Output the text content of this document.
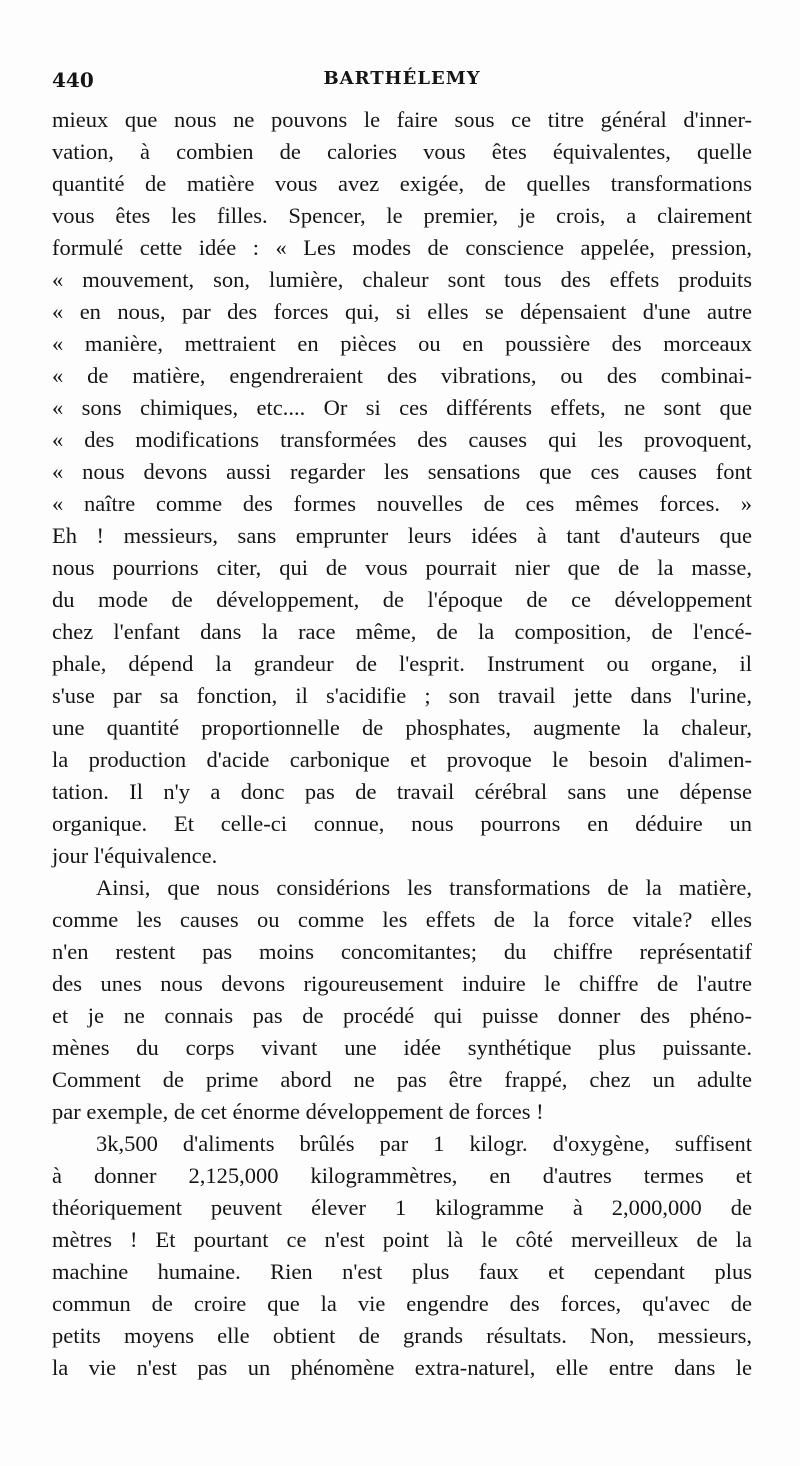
440	BARTHÉLEMY
mieux que nous ne pouvons le faire sous ce titre général d'inner-
vation, à combien de calories vous êtes équivalentes, quelle
quantité de matière vous avez exigée, de quelles transformations
vous êtes les filles. Spencer, le premier, je crois, a clairement
formulé cette idée : « Les modes de conscience appelée, pression,
« mouvement, son, lumière, chaleur sont tous des effets produits
« en nous, par des forces qui, si elles se dépensaient d'une autre
« manière, mettraient en pièces ou en poussière des morceaux
« de matière, engendreraient des vibrations, ou des combinai-
« sons chimiques, etc.... Or si ces différents effets, ne sont que
« des modifications transformées des causes qui les provoquent,
« nous devons aussi regarder les sensations que ces causes font
« naître comme des formes nouvelles de ces mêmes forces. »
Eh ! messieurs, sans emprunter leurs idées à tant d'auteurs que
nous pourrions citer, qui de vous pourrait nier que de la masse,
du mode de développement, de l'époque de ce développement
chez l'enfant dans la race même, de la composition, de l'encé-
phale, dépend la grandeur de l'esprit. Instrument ou organe, il
s'use par sa fonction, il s'acidifie ; son travail jette dans l'urine,
une quantité proportionnelle de phosphates, augmente la chaleur,
la production d'acide carbonique et provoque le besoin d'alimen-
tation. Il n'y a donc pas de travail cérébral sans une dépense
organique. Et celle-ci connue, nous pourrons en déduire un
jour l'équivalence.
Ainsi, que nous considérions les transformations de la matière,
comme les causes ou comme les effets de la force vitale? elles
n'en restent pas moins concomitantes; du chiffre représentatif
des unes nous devons rigoureusement induire le chiffre de l'autre
et je ne connais pas de procédé qui puisse donner des phéno-
mènes du corps vivant une idée synthétique plus puissante.
Comment de prime abord ne pas être frappé, chez un adulte
par exemple, de cet énorme développement de forces !
3k,500 d'aliments brûlés par 1 kilogr. d'oxygène, suffisent
à donner 2,125,000 kilogrammètres, en d'autres termes et
théoriquement peuvent élever 1 kilogramme à 2,000,000 de
mètres ! Et pourtant ce n'est point là le côté merveilleux de la
machine humaine. Rien n'est plus faux et cependant plus
commun de croire que la vie engendre des forces, qu'avec de
petits moyens elle obtient de grands résultats. Non, messieurs,
la vie n'est pas un phénomène extra-naturel, elle entre dans le
